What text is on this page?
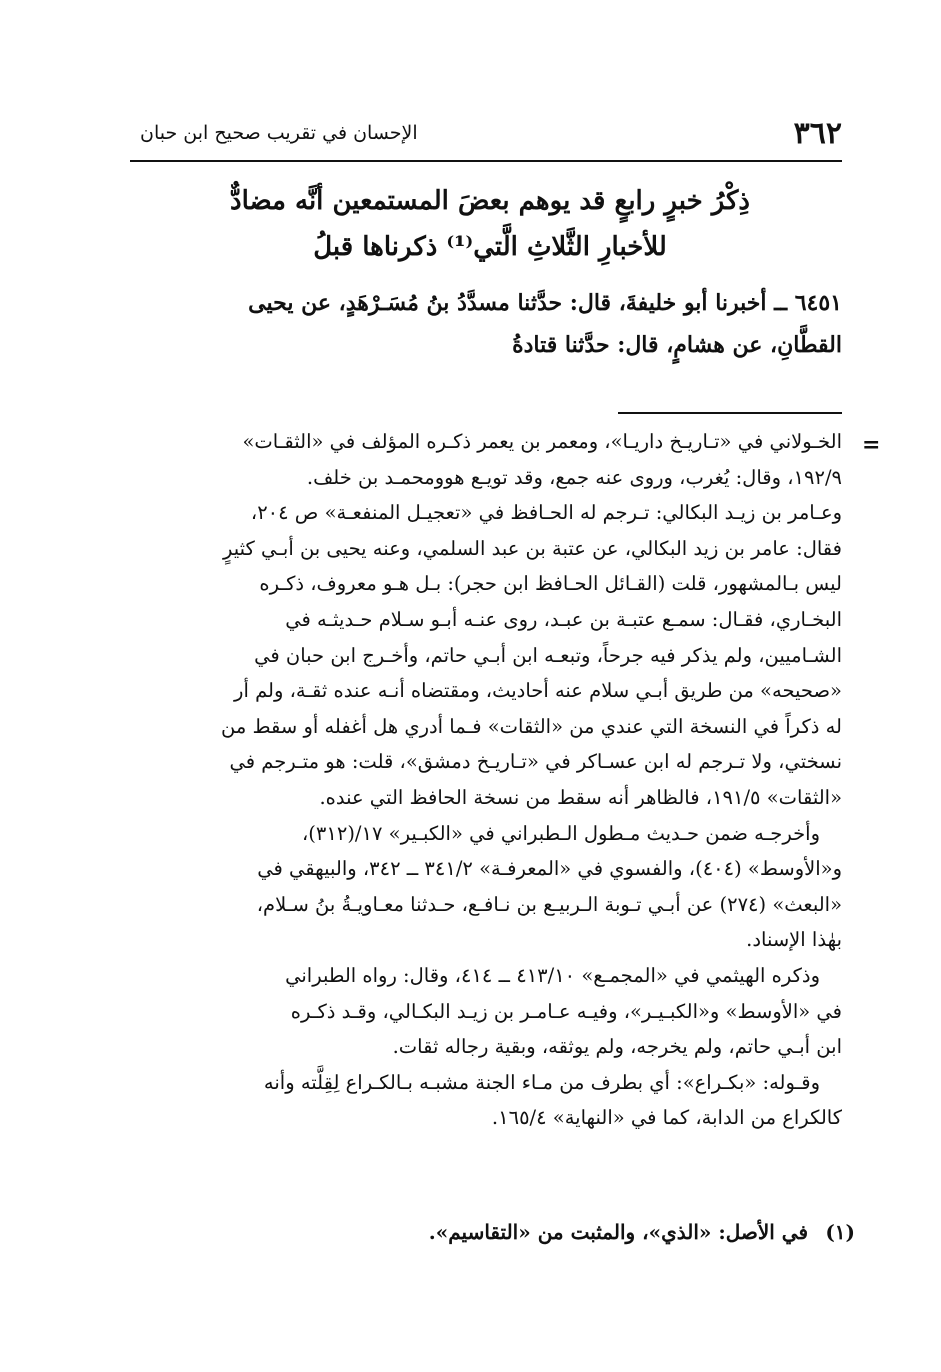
٣٦٢
الإحسان في تقريب صحيح ابن حبان
ذِكْرُ خبرٍ رابعٍ قد يوهم بعضَ المستمعين أنَّه مضادٌّ
للأخبارِ الثَّلاثِ الَّتي⁽¹⁾ ذكرناها قبلُ
٦٤٥١ ــ أخبرنا أبو خليفةَ، قال: حدَّثنا مسدَّدُ بنُ مُسَـرْهَدٍ، عن يحيى
القطَّانِ، عن هشامٍ، قال: حدَّثنا قتادةُ
=
الخـولاني في «تـاريـخ داريـا»، ومعمر بن يعمر ذكـره المؤلف في «الثقـات»
١٩٢/٩، وقال: يُغرب، وروى عنه جمع، وقد تويـع هوومحمـد بن خلف.
وعـامر بن زيـد البكالي: تـرجم له الحـافظ في «تعجيـل المنفعـة» ص ٢٠٤،
فقال: عامر بن زيد البكالي، عن عتبة بن عبد السلمي، وعنه يحيى بن أبـي كثيرٍ
ليس بـالمشهور، قلت (القـائل الحـافظ ابن حجر): بـل هـو معروف، ذكـره
البخـاري، فقـال: سمـع عتبـة بن عبـد، روى عنـه أبـو سـلام حـديثـه في
الشـاميين، ولم يذكر فيه جرحاً، وتبعـه ابن أبـي حاتم، وأخـرج ابن حبان في
«صحيحه» من طريق أبـي سلام عنه أحاديث، ومقتضاه أنـه عنده ثقـة، ولم أر
له ذكراً في النسخة التي عندي من «الثقات» فـما أدري هل أغفله أو سقط من
نسختي، ولا تـرجم له ابن عسـاكر في «تـاريـخ دمشق»، قلت: هو متـرجم في
«الثقات» ١٩١/٥، فالظاهر أنه سقط من نسخة الحافظ التي عنده.
وأخرجـه ضمن حـديث مـطول الـطبراني في «الكبـير» ١٧/(٣١٢)،
و«الأوسط» (٤٠٤)، والفسوي في «المعرفـة» ٣٤١/٢ ــ ٣٤٢، والبيهقي في
«البعث» (٢٧٤) عن أبـي تـوبة الـربيـع بن نـافـع، حـدثنا معـاويـةُ بنُ سـلام،
بهٰذا الإسناد.
وذكره الهيثمي في «المجمـع» ٤١٣/١٠ ــ ٤١٤، وقال: رواه الطبراني
في «الأوسط» و«الكبـيـر»، وفيـه عـامـر بن زيـد البكـالي، وقـد ذكـره
ابن أبـي حاتم، ولم يخرجه، ولم يوثقه، وبقية رجاله ثقات.
وقـوله: «بكـراع»: أي بطرف من مـاء الجنة مشبـه بـالكـراع لِقِلَّته وأنه
كالكراع من الدابة، كما في «النهاية» ١٦٥/٤.
(١) في الأصل: «الذي»، والمثبت من «التقاسيم».
